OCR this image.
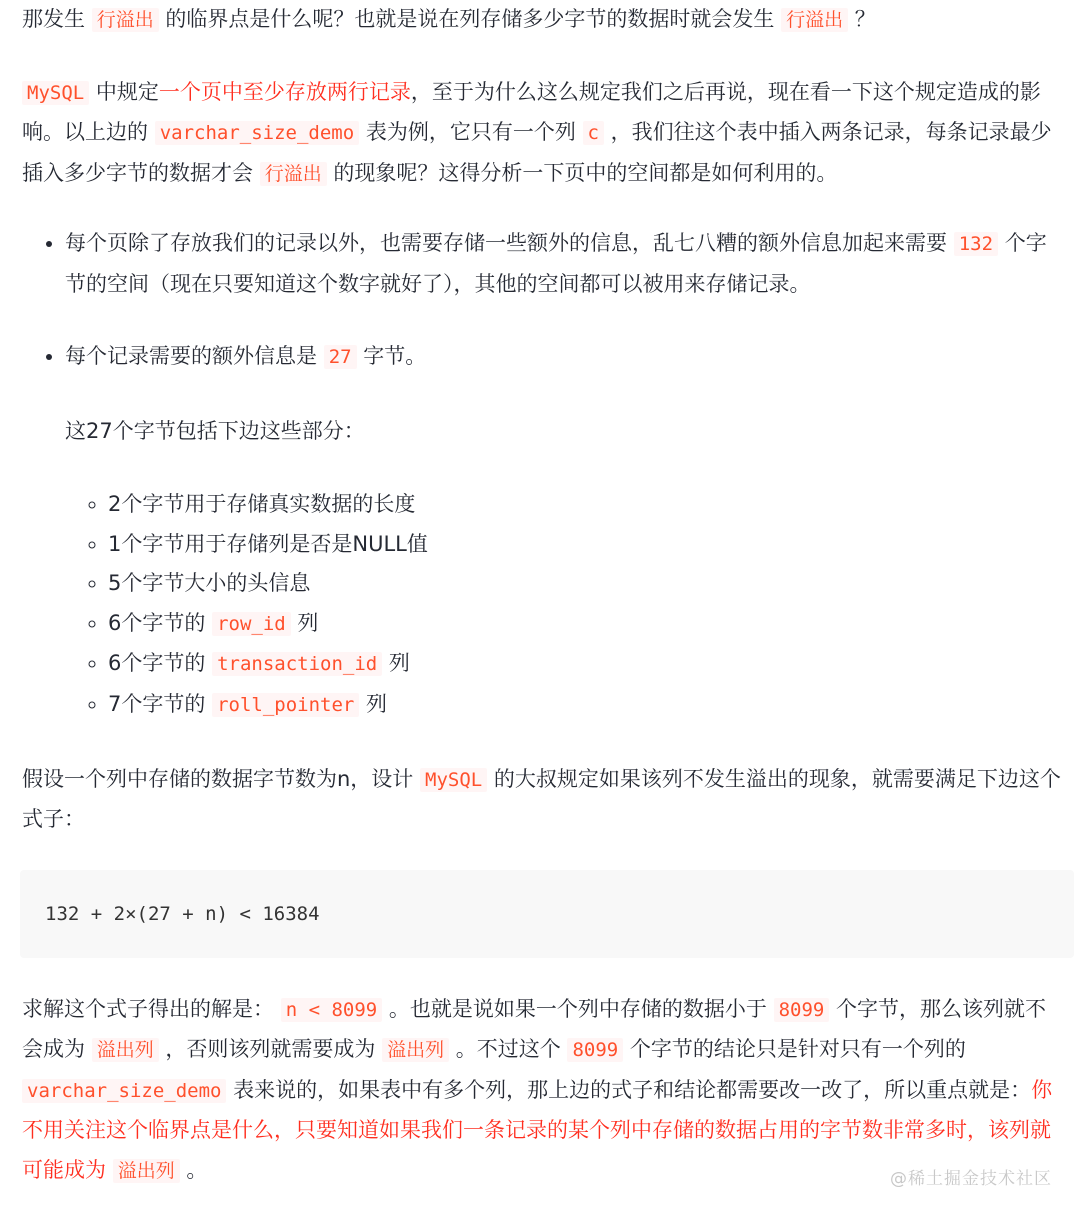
那发生 行溢出 的临界点是什么呢？也就是说在列存储多少字节的数据时就会发生 行溢出 ？

MySQL 中规定一个页中至少存放两行记录，至于为什么这么规定我们之后再说，现在看一下这个规定造成的影响。以上边的 varchar_size_demo 表为例，它只有一个列 c ，我们往这个表中插入两条记录，每条记录最少插入多少字节的数据才会 行溢出 的现象呢？这得分析一下页中的空间都是如何利用的。

• 每个页除了存放我们的记录以外，也需要存储一些额外的信息，乱七八糟的额外信息加起来需要 132 个字节的空间（现在只要知道这个数字就好了），其他的空间都可以被用来存储记录。
• 每个记录需要的额外信息是 27 字节。

这27个字节包括下边这些部分：

◦ 2个字节用于存储真实数据的长度
◦ 1个字节用于存储列是否是NULL值
◦ 5个字节大小的头信息
◦ 6个字节的 row_id 列
◦ 6个字节的 transaction_id 列
◦ 7个字节的 roll_pointer 列

假设一个列中存储的数据字节数为n，设计 MySQL 的大叔规定如果该列不发生溢出的现象，就需要满足下边这个式子：

132 + 2×(27 + n) < 16384

求解这个式子得出的解是： n < 8099 。也就是说如果一个列中存储的数据小于 8099 个字节，那么该列就不会成为 溢出列 ，否则该列就需要成为 溢出列 。不过这个 8099 个字节的结论只是针对只有一个列的 varchar_size_demo 表来说的，如果表中有多个列，那上边的式子和结论都需要改一改了，所以重点就是：你不用关注这个临界点是什么，只要知道如果我们一条记录的某个列中存储的数据占用的字节数非常多时，该列就可能成为 溢出列 。	@稀土掘金技术社区
